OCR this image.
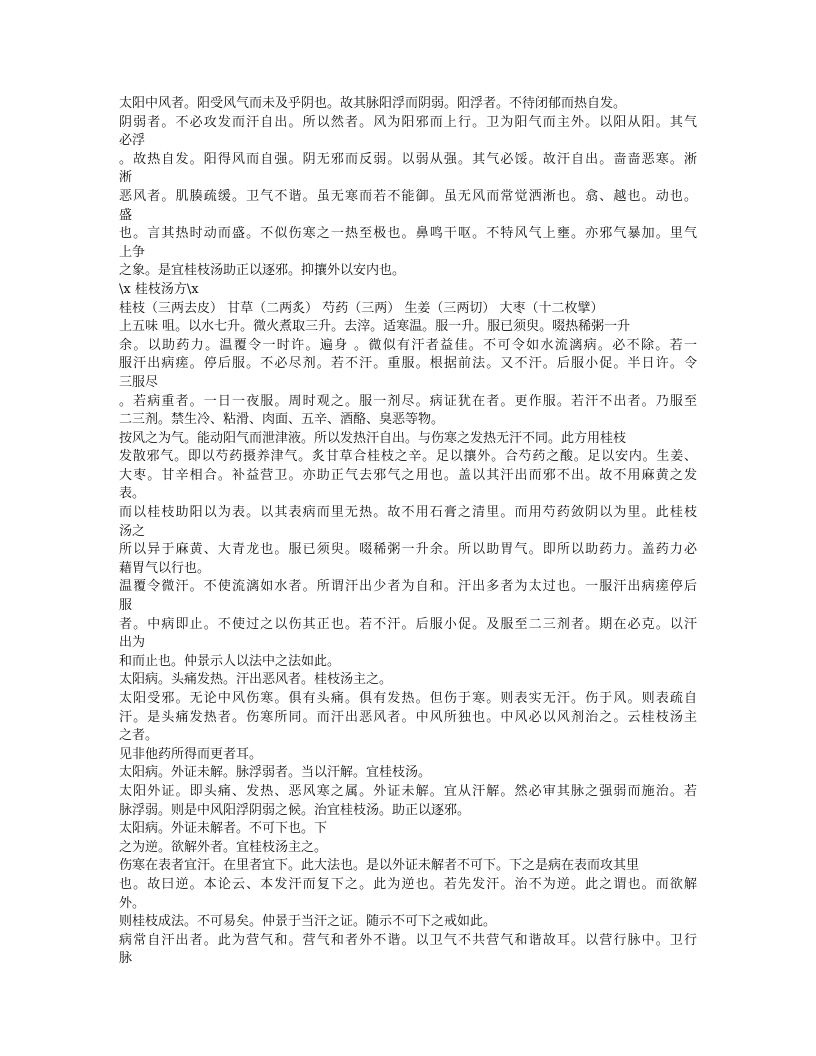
太阳中风者。阳受风气而未及乎阴也。故其脉阳浮而阴弱。阳浮者。不待闭郁而热自发。
阴弱者。不必攻发而汗自出。所以然者。风为阳邪而上行。卫为阳气而主外。以阳从阳。其气
必浮
。故热自发。阳得风而自强。阴无邪而反弱。以弱从强。其气必馁。故汗自出。啬啬恶寒。淅
淅
恶风者。肌腠疏缓。卫气不谐。虽无寒而若不能御。虽无风而常觉洒淅也。翕、越也。动也。
盛
也。言其热时动而盛。不似伤寒之一热至极也。鼻鸣干呕。不特风气上壅。亦邪气暴加。里气
上争
之象。是宜桂枝汤助正以逐邪。抑攘外以安内也。
\x 桂枝汤方\x
桂枝（三两去皮） 甘草（二两炙） 芍药（三两） 生姜（三两切） 大枣（十二枚擘）
上五味 咀。以水七升。微火煮取三升。去滓。适寒温。服一升。服已须臾。啜热稀粥一升
余。以助药力。温覆令一时许。遍身 。微似有汗者益佳。不可令如水流漓病。必不除。若一
服汗出病瘥。停后服。不必尽剂。若不汗。重服。根据前法。又不汗。后服小促。半日许。令
三服尽
。若病重者。一日一夜服。周时观之。服一剂尽。病证犹在者。更作服。若汗不出者。乃服至
二三剂。禁生冷、粘滑、肉面、五辛、酒酪、臭恶等物。
按风之为气。能动阳气而泄津液。所以发热汗自出。与伤寒之发热无汗不同。此方用桂枝
发散邪气。即以芍药摄养津气。炙甘草合桂枝之辛。足以攘外。合芍药之酸。足以安内。生姜、
大枣。甘辛相合。补益营卫。亦助正气去邪气之用也。盖以其汗出而邪不出。故不用麻黄之发
表。
而以桂枝助阳以为表。以其表病而里无热。故不用石膏之清里。而用芍药敛阴以为里。此桂枝
汤之
所以异于麻黄、大青龙也。服已须臾。啜稀粥一升余。所以助胃气。即所以助药力。盖药力必
藉胃气以行也。
温覆令微汗。不使流漓如水者。所谓汗出少者为自和。汗出多者为太过也。一服汗出病瘥停后
服
者。中病即止。不使过之以伤其正也。若不汗。后服小促。及服至二三剂者。期在必克。以汗
出为
和而止也。仲景示人以法中之法如此。
太阳病。头痛发热。汗出恶风者。桂枝汤主之。
太阳受邪。无论中风伤寒。俱有头痛。俱有发热。但伤于寒。则表实无汗。伤于风。则表疏自
汗。是头痛发热者。伤寒所同。而汗出恶风者。中风所独也。中风必以风剂治之。云桂枝汤主
之者。
见非他药所得而更者耳。
太阳病。外证未解。脉浮弱者。当以汗解。宜桂枝汤。
太阳外证。即头痛、发热、恶风寒之属。外证未解。宜从汗解。然必审其脉之强弱而施治。若
脉浮弱。则是中风阳浮阴弱之候。治宜桂枝汤。助正以逐邪。
太阳病。外证未解者。不可下也。下
之为逆。欲解外者。宜桂枝汤主之。
伤寒在表者宜汗。在里者宜下。此大法也。是以外证未解者不可下。下之是病在表而攻其里
也。故曰逆。本论云、本发汗而复下之。此为逆也。若先发汗。治不为逆。此之谓也。而欲解
外。
则桂枝成法。不可易矣。仲景于当汗之证。随示不可下之戒如此。
病常自汗出者。此为营气和。营气和者外不谐。以卫气不共营气和谐故耳。以营行脉中。卫行
脉
